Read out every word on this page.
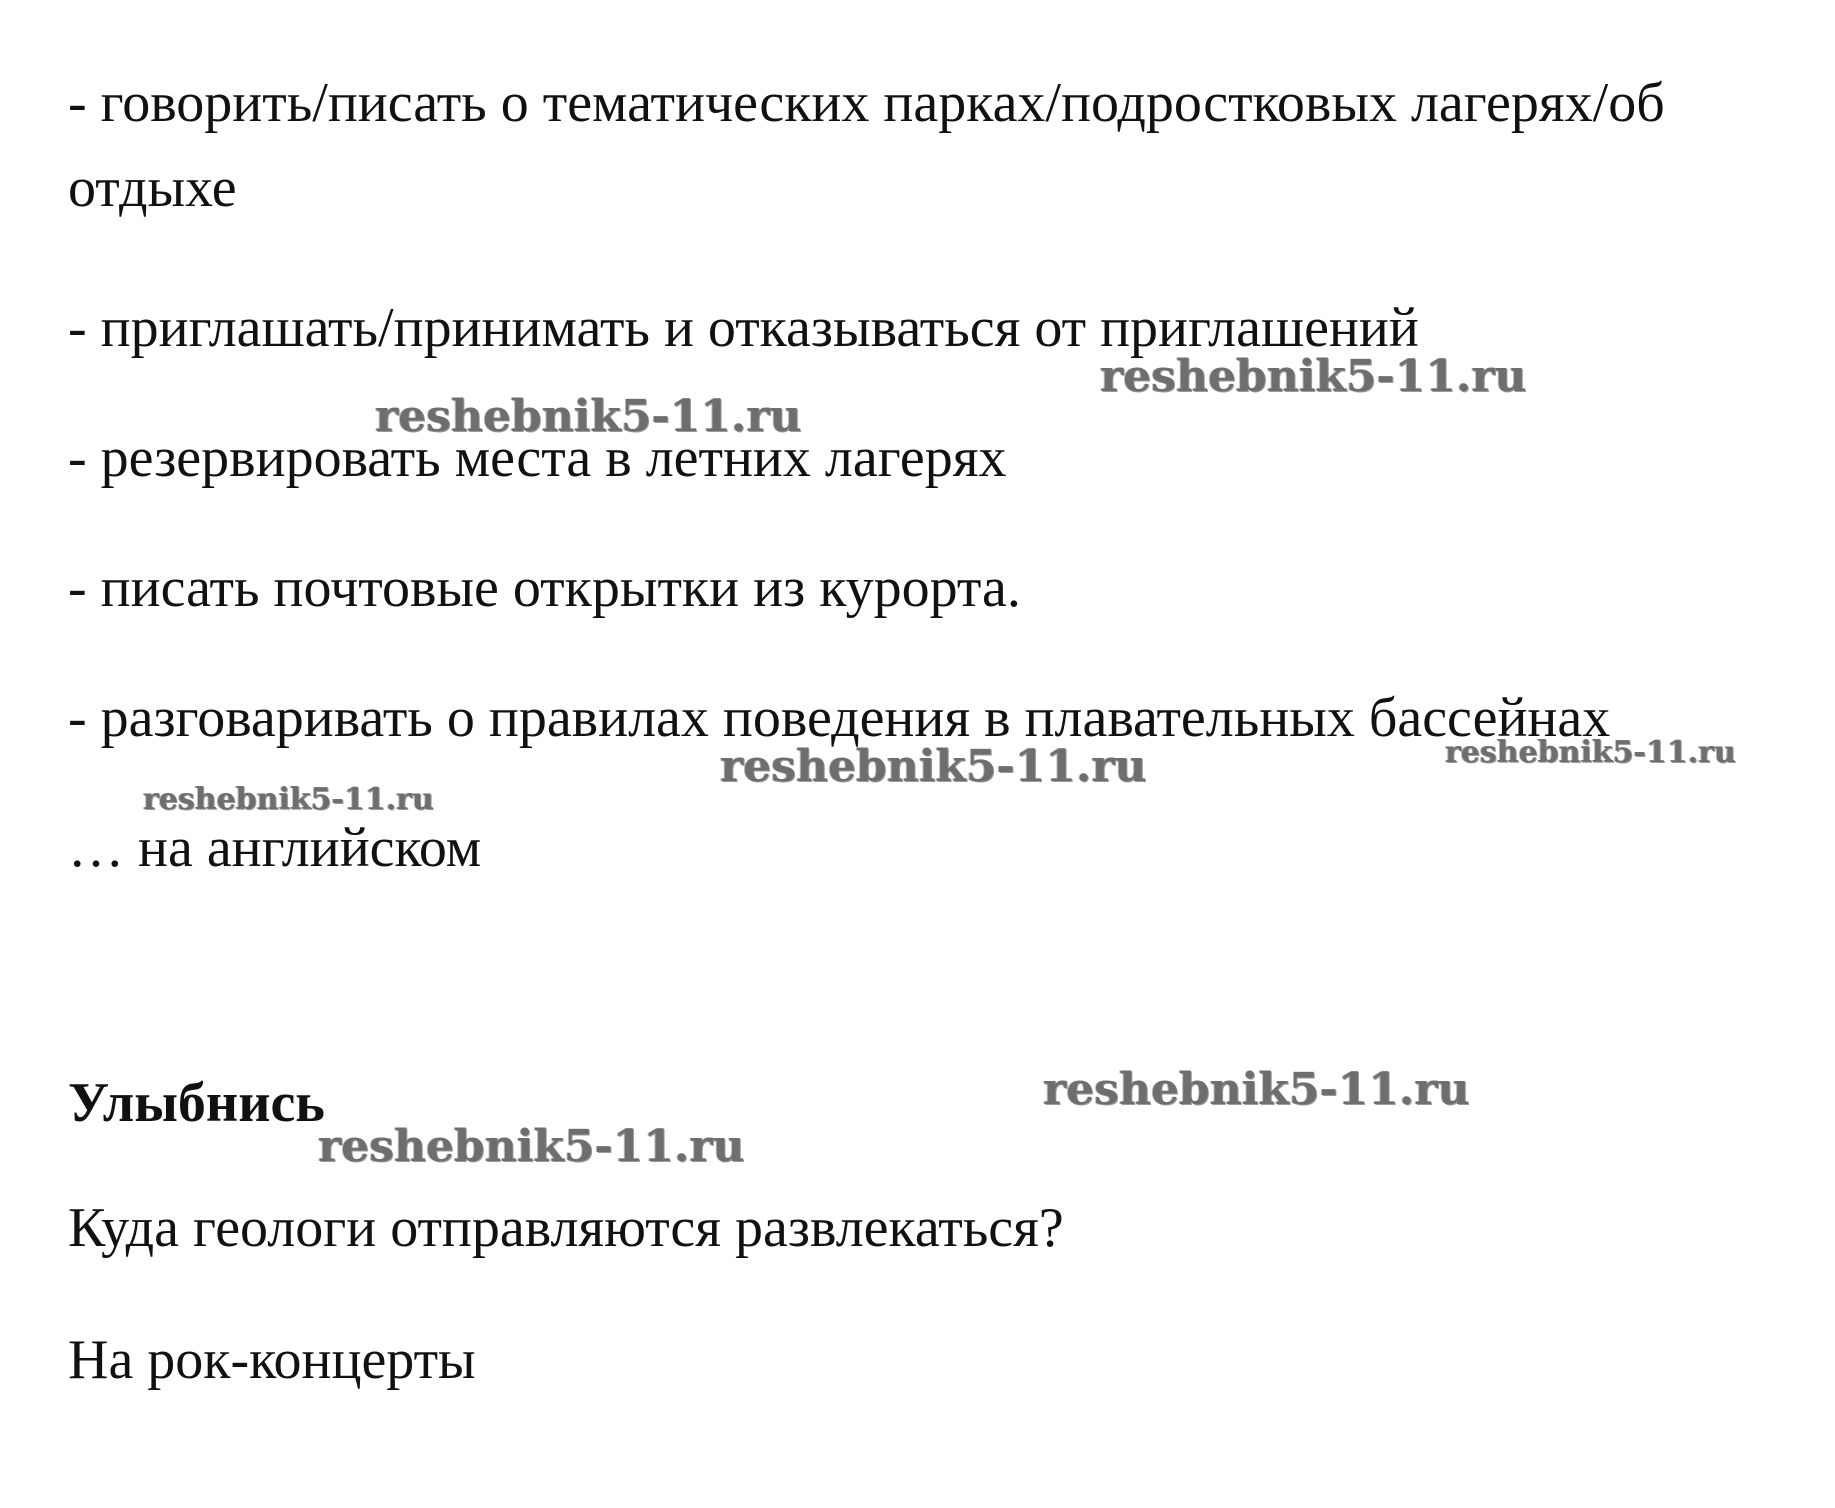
- говорить/писать о тематических парках/подростковых лагерях/об
отдыхе
- приглашать/принимать и отказываться от приглашений
- резервировать места в летних лагерях
- писать почтовые открытки из курорта.
- разговаривать о правилах поведения в плавательных бассейнах
… на английском
Улыбнись
Куда геологи отправляются развлекаться?
На рок-концерты
reshebnik5-11.ru
reshebnik5-11.ru
reshebnik5-11.ru	reshebnik5-11.ru
reshebnik5-11.ru
reshebnik5-11.ru
reshebnik5-11.ru
